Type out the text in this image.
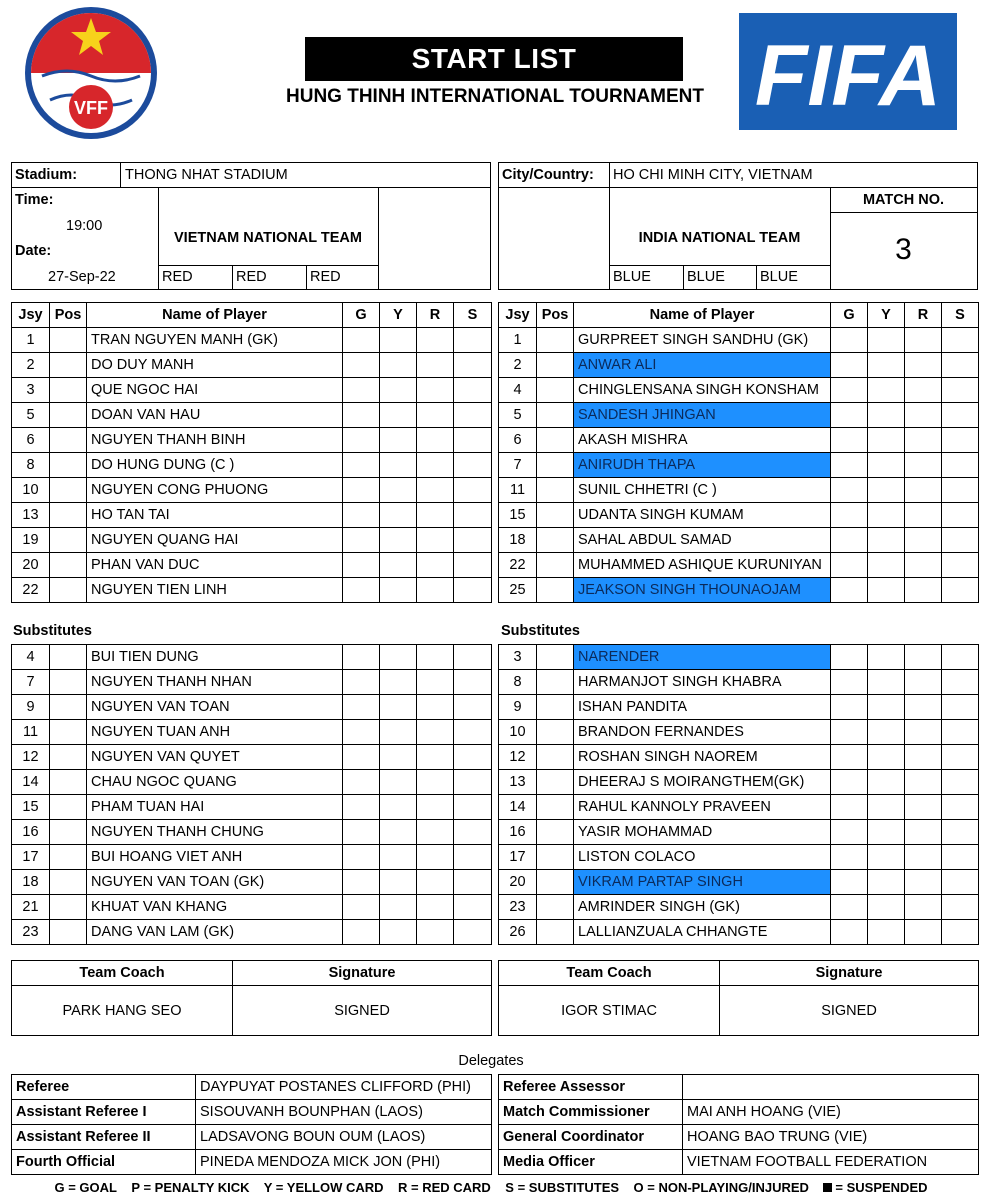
VFF
START LIST
HUNG THINH INTERNATIONAL TOURNAMENT FIFA
Stadium:	THONG NHAT STADIUM
Time:
19:00
Date:
27-Sep-22
VIETNAM NATIONAL TEAM
RED	RED	RED
City/Country: HO CHI MINH CITY, VIETNAM
MATCH NO.
3
INDIA NATIONAL TEAM
BLUE BLUE BLUE
Jsy	Pos	Name of Player	G	Y	R	S
1		TRAN NGUYEN MANH (GK)				
2		DO DUY MANH				
3		QUE NGOC HAI				
5		DOAN VAN HAU				
6		NGUYEN THANH BINH				
8		DO HUNG DUNG (C )				
10		NGUYEN CONG PHUONG				
13		HO TAN TAI				
19		NGUYEN QUANG HAI				
20		PHAN VAN DUC				
22		NGUYEN TIEN LINH				
Jsy	Pos	Name of Player	G	Y	R	S
1		GURPREET SINGH SANDHU (GK)				
2		ANWAR ALI				
4		CHINGLENSANA SINGH KONSHAM				
5		SANDESH JHINGAN				
6		AKASH MISHRA				
7		ANIRUDH THAPA				
11		SUNIL CHHETRI (C )				
15		UDANTA SINGH KUMAM				
18		SAHAL ABDUL SAMAD				
22		MUHAMMED ASHIQUE KURUNIYAN				
25		JEAKSON SINGH THOUNAOJAM				
Substitutes	Substitutes
4		BUI TIEN DUNG				
7		NGUYEN THANH NHAN				
9		NGUYEN VAN TOAN				
11		NGUYEN TUAN ANH				
12		NGUYEN VAN QUYET				
14		CHAU NGOC QUANG				
15		PHAM TUAN HAI				
16		NGUYEN THANH CHUNG				
17		BUI HOANG VIET ANH				
18		NGUYEN VAN TOAN (GK)				
21		KHUAT VAN KHANG				
23		DANG VAN LAM (GK)				
3		NARENDER				
8		HARMANJOT SINGH KHABRA				
9		ISHAN PANDITA				
10		BRANDON FERNANDES				
12		ROSHAN SINGH NAOREM				
13		DHEERAJ S MOIRANGTHEM(GK)				
14		RAHUL KANNOLY PRAVEEN				
16		YASIR MOHAMMAD				
17		LISTON COLACO				
20		VIKRAM PARTAP SINGH				
23		AMRINDER SINGH (GK)				
26		LALLIANZUALA CHHANGTE				
Team Coach	Signature
PARK HANG SEO	SIGNED
Team Coach	Signature
IGOR STIMAC	SIGNED
Delegates
Referee	DAYPUYAT POSTANES CLIFFORD (PHI)
Assistant Referee I	SISOUVANH BOUNPHAN (LAOS)
Assistant Referee II	LADSAVONG BOUN OUM (LAOS)
Fourth Official	PINEDA MENDOZA MICK JON (PHI)
Referee Assessor	
Match Commissioner	MAI ANH HOANG (VIE)
General Coordinator	HOANG BAO TRUNG (VIE)
Media Officer	VIETNAM FOOTBALL FEDERATION
G = GOAL P = PENALTY KICK Y = YELLOW CARD R = RED CARD S = SUBSTITUTES O = NON-PLAYING/INJURED = SUSPENDED
